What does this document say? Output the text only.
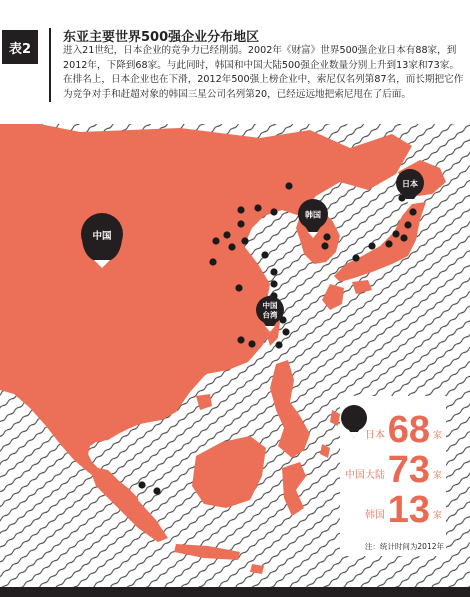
表2
东亚主要世界500强企业分布地区
进入21世纪，日本企业的竞争力已经削弱。2002年《财富》世界500强企业日本有88家，到
2012年，下降到68家。与此同时，韩国和中国大陆500强企业数量分别上升到13家和73家。
在排名上，日本企业也在下滑，2012年500强上榜企业中，索尼仅名列第87名，而长期把它作
为竞争对手和赶超对象的韩国三星公司名列第20，已经远远地把索尼甩在了后面。
中国
韩国
日本
中国
台湾
日本 68 家
中国大陆 73 家
韩国 13 家
注：统计时间为2012年
